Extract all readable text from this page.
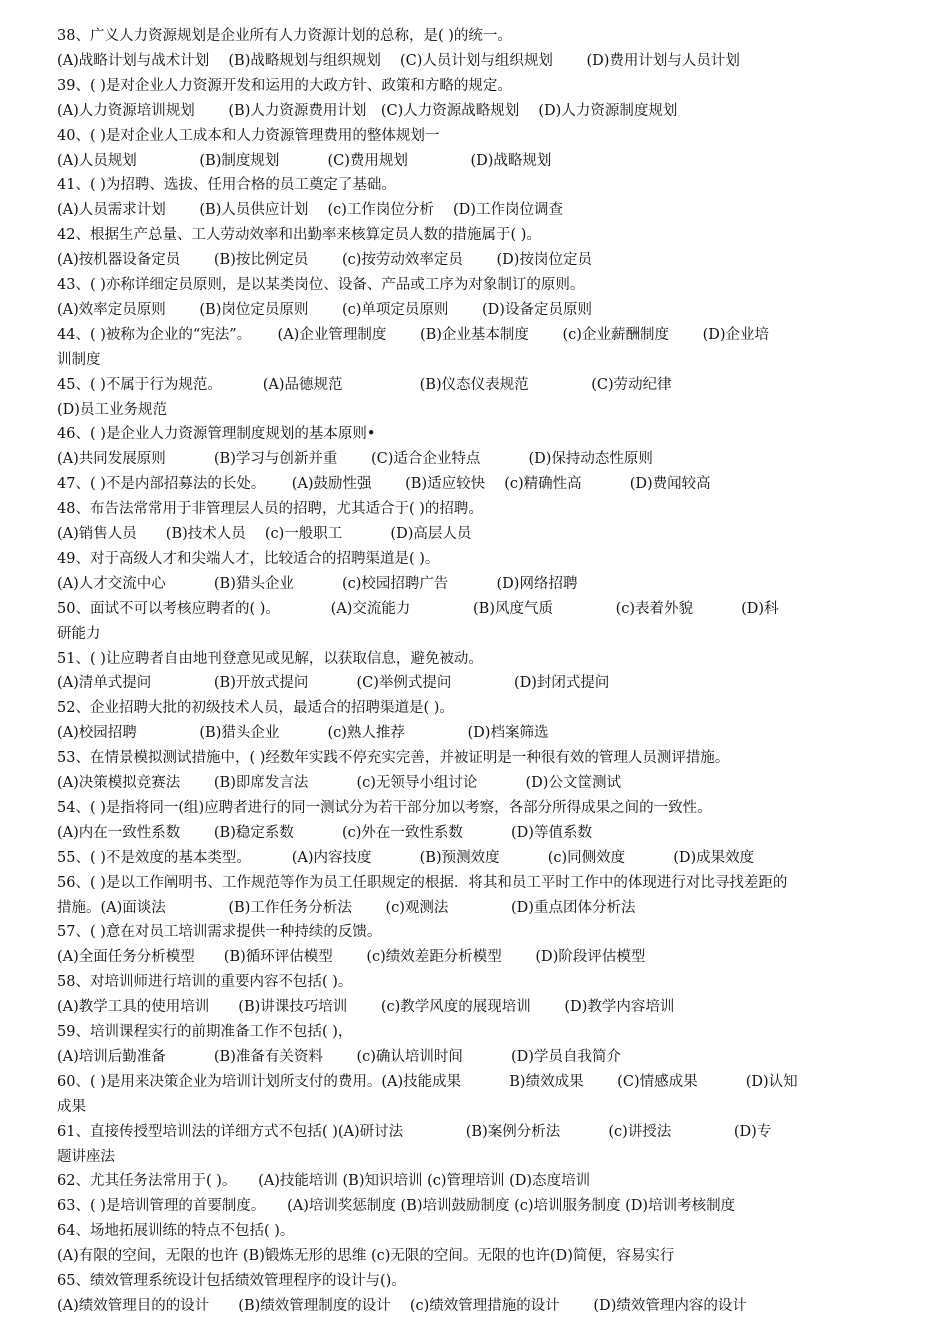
38、广义人力资源规划是企业所有人力资源计划的总称，是( )的统一。
(A)战略计划与战术计划　 (B)战略规划与组织规划　 (C)人员计划与组织规划　　 (D)费用计划与人员计划
39、( )是对企业人力资源开发和运用的大政方针、政策和方略的规定。
(A)人力资源培训规划　　 (B)人力资源费用计划　(C)人力资源战略规划　 (D)人力资源制度规划
40、( )是对企业人工成本和人力资源管理费用的整体规划一
(A)人员规划　　　　 (B)制度规划　　　 (C)费用规划　　　　 (D)战略规划
41、( )为招聘、选拔、任用合格的员工奠定了基础。
(A)人员需求计划　　 (B)人员供应计划　 (c)工作岗位分析　 (D)工作岗位调查
42、根据生产总量、工人劳动效率和出勤率来核算定员人数的措施属于( )。
(A)按机器设备定员　　 (B)按比例定员　　 (c)按劳动效率定员　　 (D)按岗位定员
43、( )亦称详细定员原则，是以某类岗位、设备、产品或工序为对象制订的原则。
(A)效率定员原则　　 (B)岗位定员原则　　 (c)单项定员原则　　 (D)设备定员原则
44、( )被称为企业的“宪法”。　　 (A)企业管理制度　　 (B)企业基本制度　　 (c)企业薪酬制度　　 (D)企业培
训制度
45、( )不属于行为规范。　　　 (A)品德规范　　　　　 (B)仪态仪表规范　　　　 (C)劳动纪律
(D)员工业务规范
46、( )是企业人力资源管理制度规划的基本原则•
(A)共同发展原则　　　 (B)学习与创新并重　　 (C)适合企业特点　　　 (D)保持动态性原则
47、( )不是内部招募法的长处。　　 (A)鼓励性强　　 (B)适应较快　 (c)精确性高　　　 (D)费闻较高
48、布告法常常用于非管理层人员的招聘，尤其适合于( )的招聘。
(A)销售人员　　(B)技术人员　 (c)一般职工　　　 (D)高层人员
49、对于高级人才和尖端人才，比较适合的招聘渠道是( )。
(A)人才交流中心　　　 (B)猎头企业　　　 (c)校园招聘广告　　　 (D)网络招聘
50、面试不可以考核应聘者的( )。　　　　(A)交流能力　　　　 (B)风度气质　　　　 (c)表着外貌　　　 (D)科
研能力
51、( )让应聘者自由地刊登意见或见解，以获取信息，避免被动。
(A)清单式提问　　　　 (B)开放式提问　　　 (C)举例式提问　　　　 (D)封闭式提问
52、企业招聘大批的初级技术人员，最适合的招聘渠道是( )。
(A)校园招聘　　　　 (B)猎头企业　　　 (c)熟人推荐　　　　 (D)档案筛选
53、在情景模拟测试措施中，( )经数年实践不停充实完善，并被证明是一种很有效的管理人员测评措施。
(A)决策模拟竞赛法　　 (B)即席发言法　　　 (c)无领导小组讨论　　　 (D)公文筐测试
54、( )是指将同一(组)应聘者进行的同一测试分为若干部分加以考察，各部分所得成果之间的一致性。
(A)内在一致性系数　　 (B)稳定系数　　　 (c)外在一致性系数　　　 (D)等值系数
55、( )不是效度的基本类型。　　　 (A)内容技度　　　 (B)预测效度　　　 (c)同侧效度　　　 (D)成果效度
56、( )是以工作阐明书、工作规范等作为员工任职规定的根据．将其和员工平时工作中的体现进行对比寻找差距的
措施。(A)面谈法　　　　 (B)工作任务分析法　　 (c)观测法　　　　 (D)重点团体分析法
57、( )意在对员工培训需求提供一种持续的反馈。
(A)全面任务分析模型　　(B)循环评估模型　　 (c)绩效差距分析模型　　 (D)阶段评估模型
58、对培训师进行培训的重要内容不包括( )。
(A)教学工具的使用培训　　(B)讲课技巧培训　　 (c)教学风度的展现培训　　 (D)教学内容培训
59、培训课程实行的前期准备工作不包括( )，
(A)培训后勤准备　　　 (B)准备有关资料　　 (c)确认培训时间　　　 (D)学员自我简介
60、( )是用来决策企业为培训计划所支付的费用。(A)技能成果　　　 B)绩效成果　　 (C)情感成果　　　 (D)认知
成果
61、直接传授型培训法的详细方式不包括( )(A)研讨法　　　　 (B)案例分析法　　　 (c)讲授法　　　　 (D)专
题讲座法
62、尤其任务法常用于( )。　　(A)技能培训 (B)知识培训 (c)管理培训 (D)态度培训
63、( )是培训管理的首要制度。　　(A)培训奖惩制度 (B)培训鼓励制度 (c)培训服务制度 (D)培训考核制度
64、场地拓展训练的特点不包括( )。
(A)有限的空间，无限的也许 (B)锻炼无形的思维 (c)无限的空间。无限的也许(D)简便，容易实行
65、绩效管理系统设计包括绩效管理程序的设计与()。
(A)绩效管理目的的设计　　(B)绩效管理制度的设计　 (c)绩效管理措施的设计　　 (D)绩效管理内容的设计
